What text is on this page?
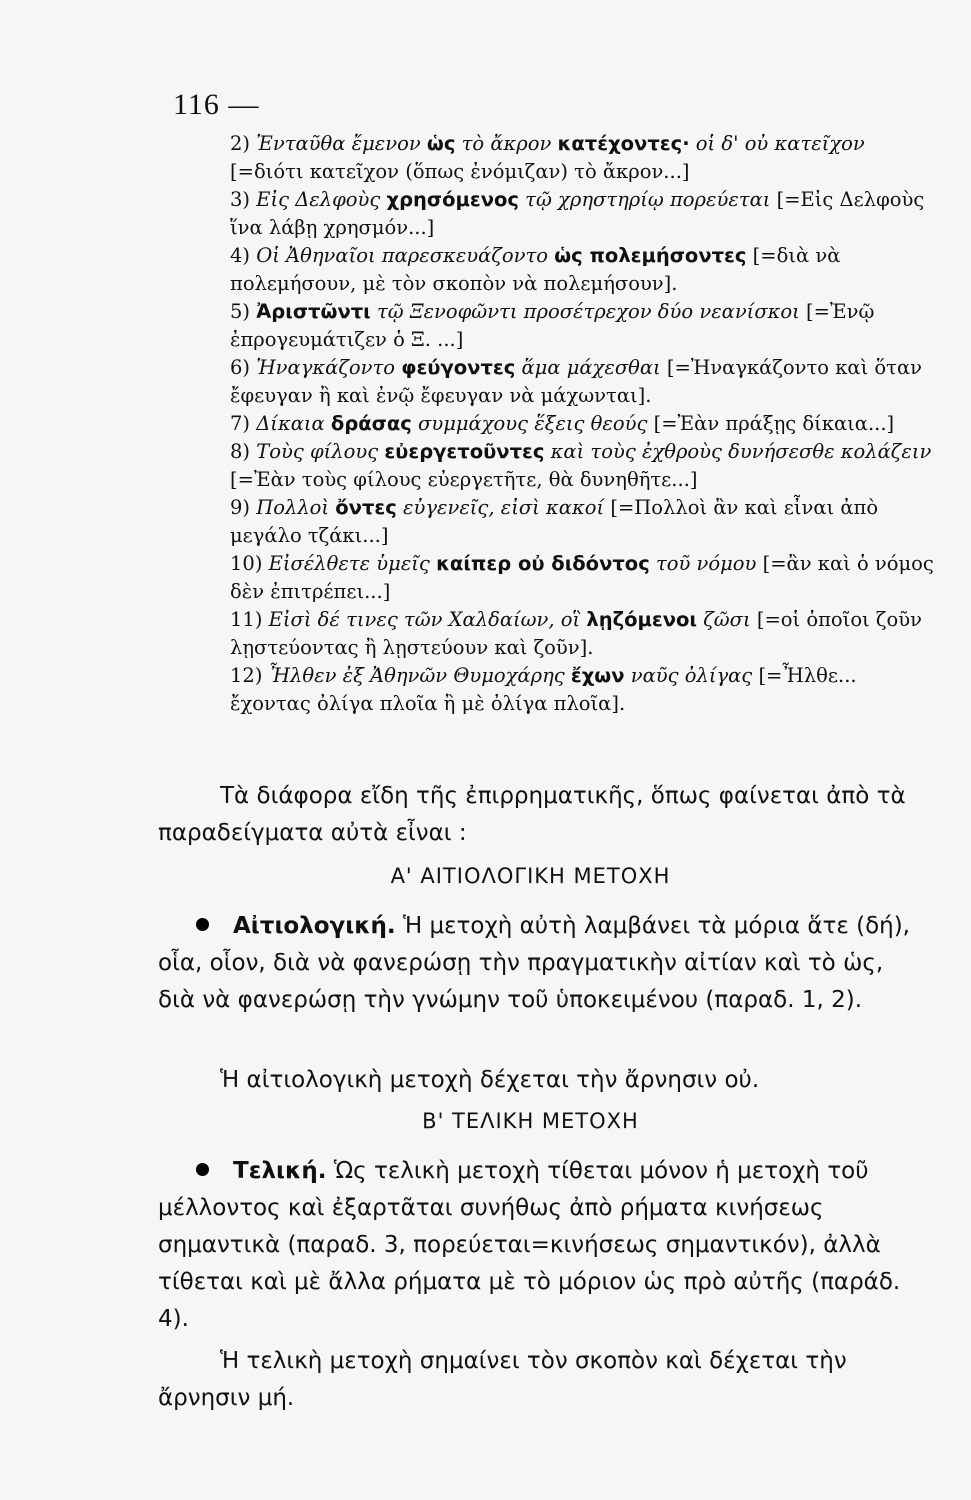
116 —
2) Ἐνταῦθα ἔμενον ὡς τὸ ἄκρον κατέχοντες· οἱ δ' οὐ κατεῖχον [=διότι κατεῖχον (ὅπως ἐνόμιζαν) τὸ ἄκρον...]
3) Εἰς Δελφοὺς χρησόμενος τῷ χρηστηρίῳ πορεύεται [=Εἰς Δελφοὺς ἵνα λάβῃ χρησμόν...]
4) Οἱ Ἀθηναῖοι παρεσκευάζοντο ὡς πολεμήσοντες [=διὰ νὰ πολεμήσουν, μὲ τὸν σκοπὸν νὰ πολεμήσουν].
5) Ἀριστῶντι τῷ Ξενοφῶντι προσέτρεχον δύο νεανίσκοι [=Ἐνῷ ἐπρογευμάτιζεν ὁ Ξ. ...]
6) Ἠναγκάζοντο φεύγοντες ἅμα μάχεσθαι [=Ἠναγκάζοντο καὶ ὅταν ἔφευγαν ἢ καὶ ἐνῷ ἔφευγαν νὰ μάχωνται].
7) Δίκαια δράσας συμμάχους ἕξεις θεούς [=Ἐὰν πράξῃς δίκαια...]
8) Τοὺς φίλους εὐεργετοῦντες καὶ τοὺς ἐχθροὺς δυνήσεσθε κολάζειν [=Ἐὰν τοὺς φίλους εὐεργετῆτε, θὰ δυνηθῆτε...]
9) Πολλοὶ ὄντες εὐγενεῖς, εἰσὶ κακοί [=Πολλοὶ ἂν καὶ εἶναι ἀπὸ μεγάλο τζάκι...]
10) Εἰσέλθετε ὑμεῖς καίπερ οὐ διδόντος τοῦ νόμου [=ἂν καὶ ὁ νόμος δὲν ἐπιτρέπει...]
11) Εἰσὶ δέ τινες τῶν Χαλδαίων, οἳ λῃζόμενοι ζῶσι [=οἱ ὁποῖοι ζοῦν λῃστεύοντας ἢ λῃστεύουν καὶ ζοῦν].
12) Ἦλθεν ἐξ Ἀθηνῶν Θυμοχάρης ἔχων ναῦς ὀλίγας [=Ἦλθε... ἔχοντας ὀλίγα πλοῖα ἢ μὲ ὀλίγα πλοῖα].
Τὰ διάφορα εἴδη τῆς ἐπιρρηματικῆς, ὅπως φαίνεται ἀπὸ τὰ παραδείγματα αὐτὰ εἶναι :
Α' ΑΙΤΙΟΛΟΓΙΚΗ ΜΕΤΟΧΗ
Αἰτιολογική. Ἡ μετοχὴ αὐτὴ λαμβάνει τὰ μόρια ἅτε (δή), οἷα, οἷον, διὰ νὰ φανερώσῃ τὴν πραγματικὴν αἰτίαν καὶ τὸ ὡς, διὰ νὰ φανερώσῃ τὴν γνώμην τοῦ ὑποκειμένου (παραδ. 1, 2).
Ἡ αἰτιολογικὴ μετοχὴ δέχεται τὴν ἄρνησιν οὐ.
Β' ΤΕΛΙΚΗ ΜΕΤΟΧΗ
Τελική. Ὡς τελικὴ μετοχὴ τίθεται μόνον ἡ μετοχὴ τοῦ μέλλοντος καὶ ἐξαρτᾶται συνήθως ἀπὸ ρήματα κινήσεως σημαντικὰ (παραδ. 3, πορεύεται=κινήσεως σημαντικόν), ἀλλὰ τίθεται καὶ μὲ ἄλλα ρήματα μὲ τὸ μόριον ὡς πρὸ αὐτῆς (παράδ. 4).
Ἡ τελικὴ μετοχὴ σημαίνει τὸν σκοπὸν καὶ δέχεται τὴν ἄρνησιν μή.
